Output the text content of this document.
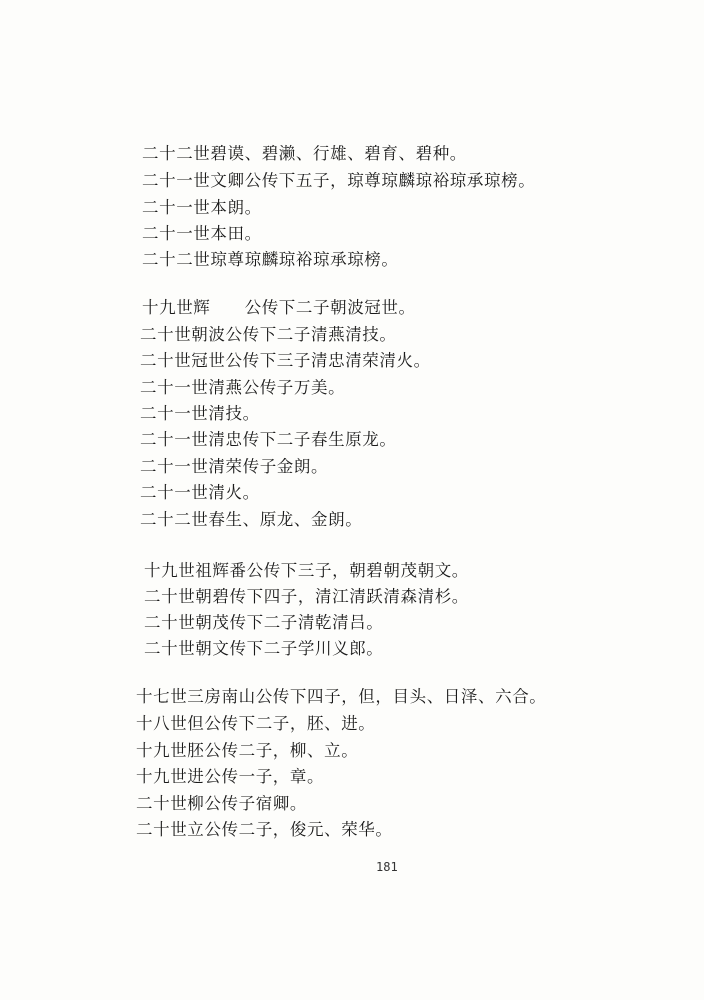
二十二世碧谟、碧濑、行雄、碧育、碧种。
二十一世文卿公传下五子，琼尊琼麟琼裕琼承琼榜。
二十一世本朗。
二十一世本田。
二十二世琼尊琼麟琼裕琼承琼榜。
十九世辉　　公传下二子朝波冠世。
二十世朝波公传下二子清燕清技。
二十世冠世公传下三子清忠清荣清火。
二十一世清燕公传子万美。
二十一世清技。
二十一世清忠传下二子春生原龙。
二十一世清荣传子金朗。
二十一世清火。
二十二世春生、原龙、金朗。
十九世祖辉番公传下三子，朝碧朝茂朝文。
二十世朝碧传下四子，清江清跃清森清杉。
二十世朝茂传下二子清乾清吕。
二十世朝文传下二子学川义郎。
十七世三房南山公传下四子，但，目头、日泽、六合。
十八世但公传下二子，胚、进。
十九世胚公传二子，柳、立。
十九世进公传一子，章。
二十世柳公传子宿卿。
二十世立公传二子，俊元、荣华。
181
